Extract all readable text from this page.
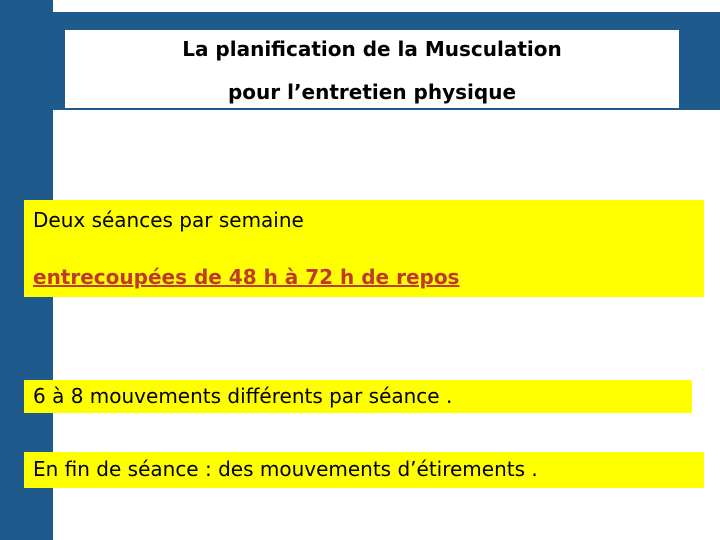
La planification de la Musculation
pour l’entretien physique
Deux séances par semaine
entrecoupées de 48 h à 72 h de repos
6 à 8 mouvements différents par séance .
En fin de séance : des mouvements d’étirements .
